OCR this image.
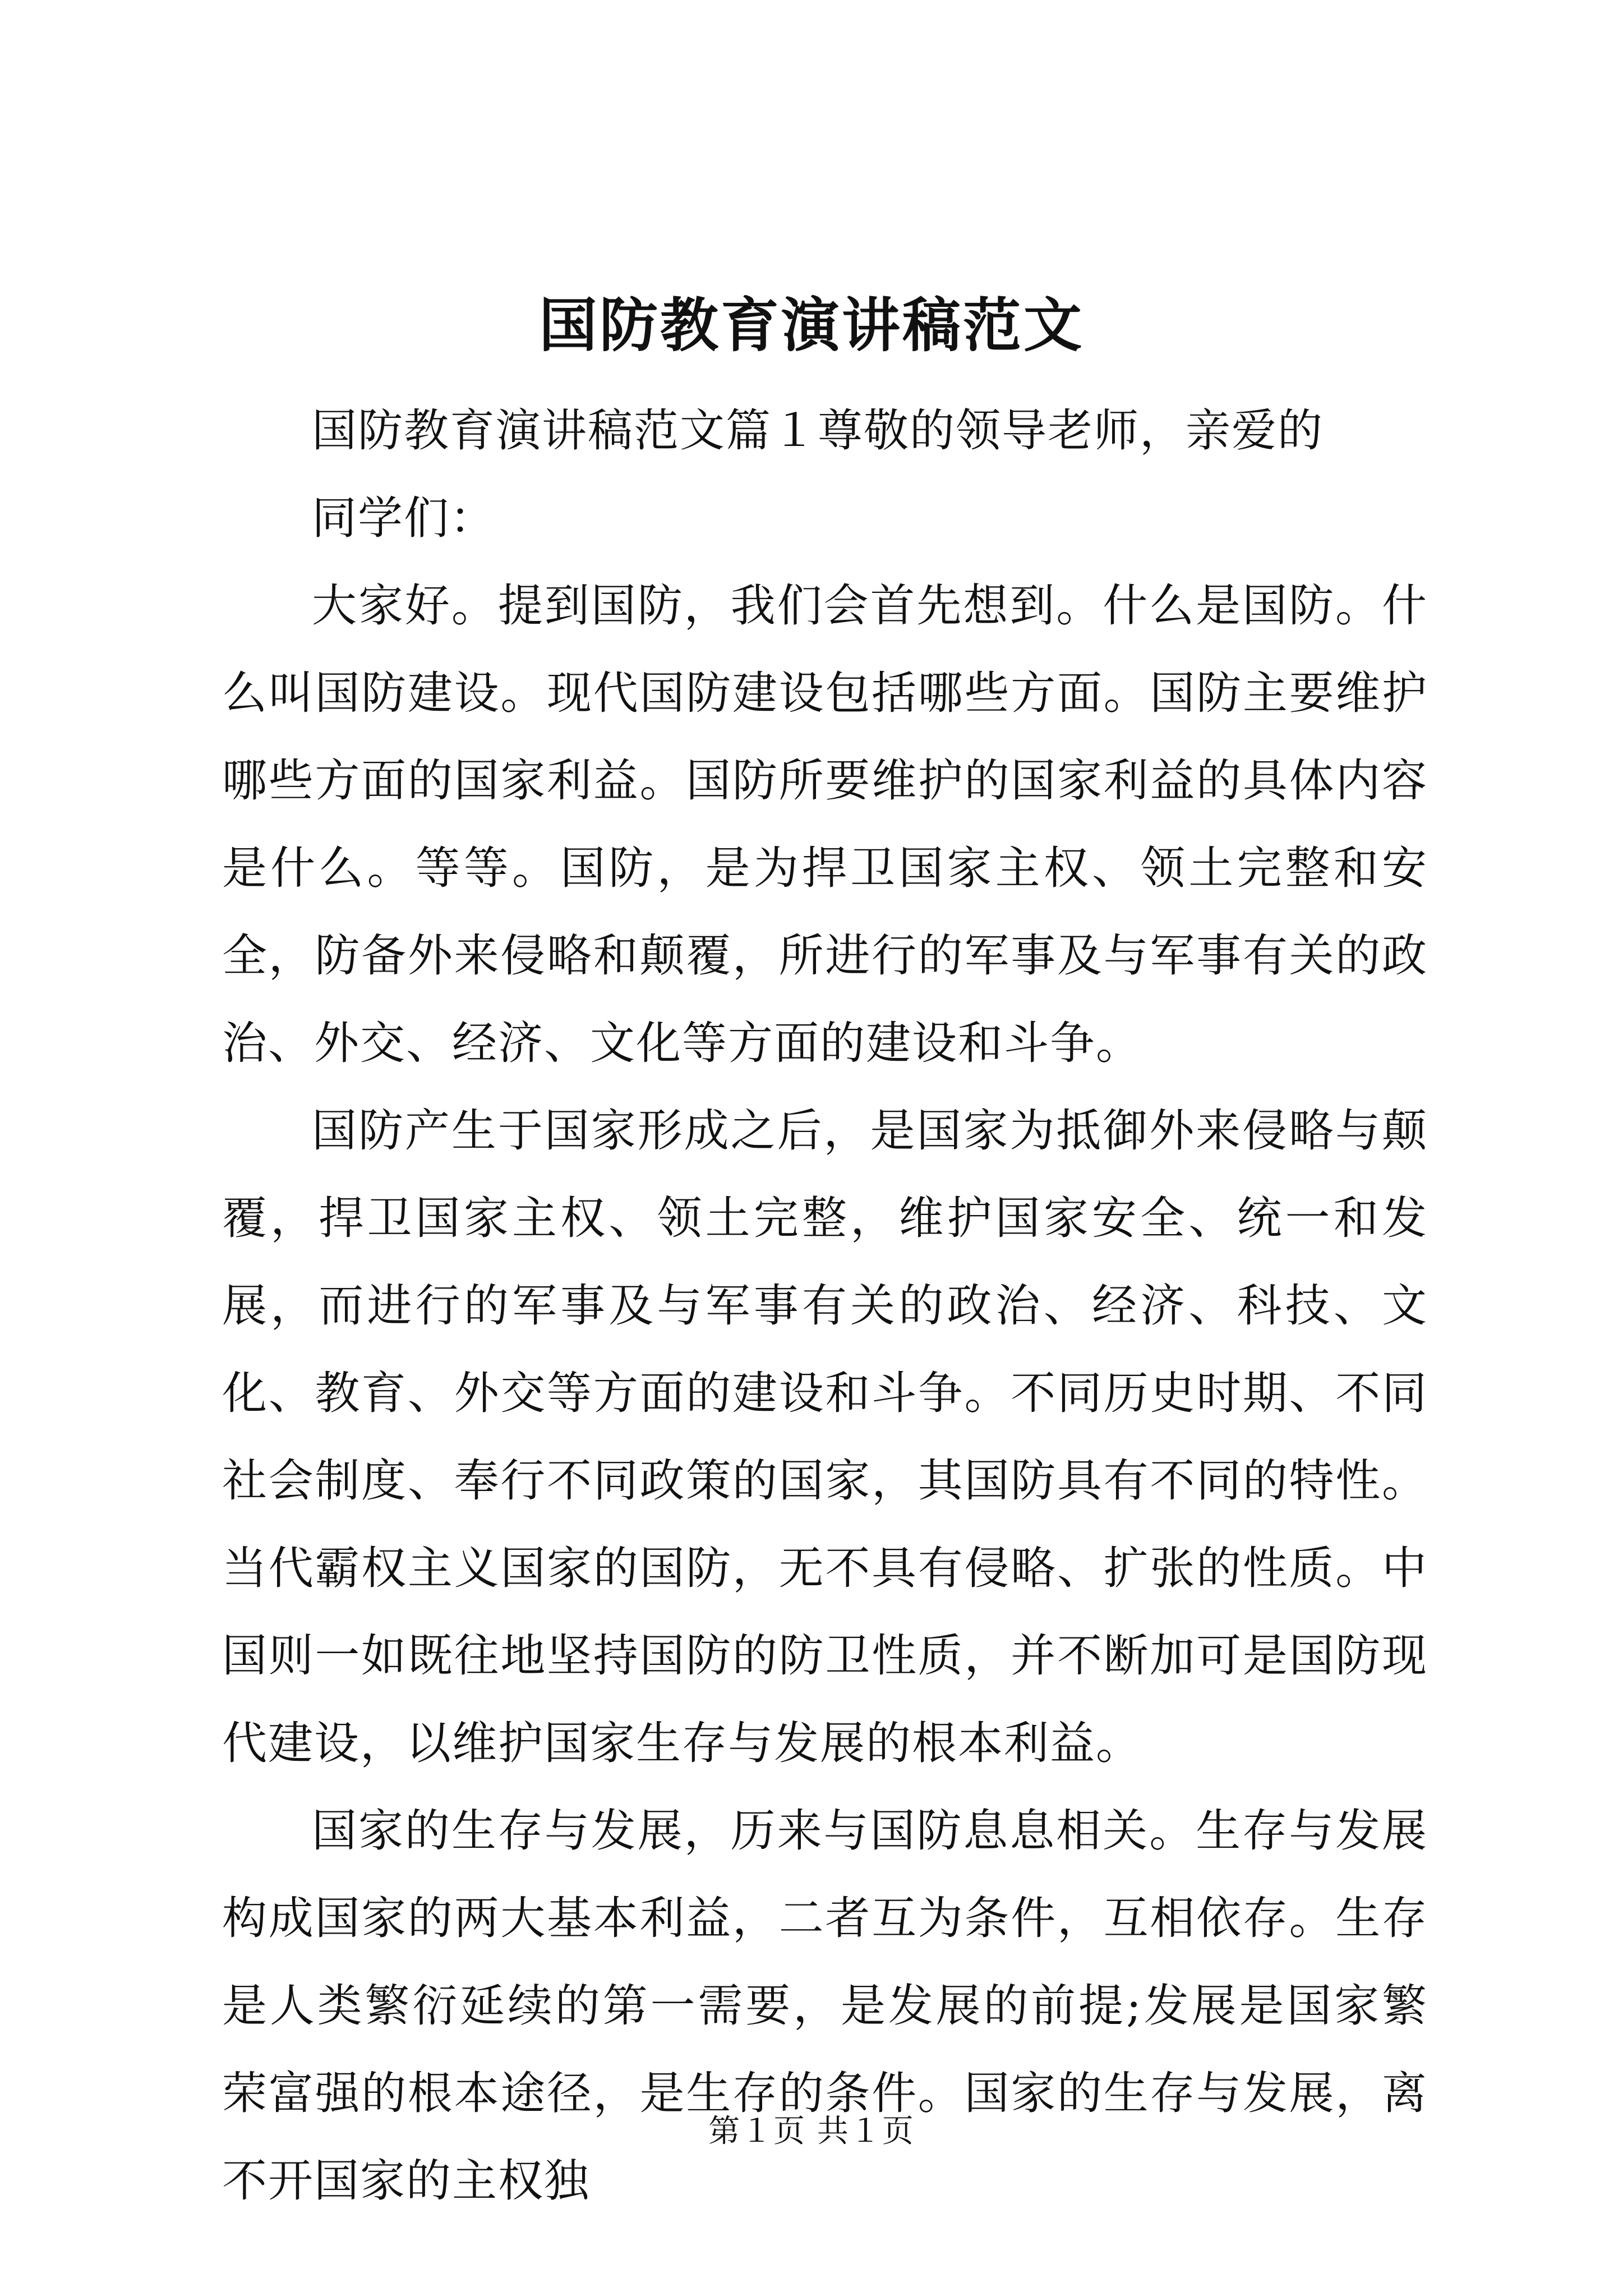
国防教育演讲稿范文

国防教育演讲稿范文篇１尊敬的领导老师，亲爱的

同学们：

大家好。提到国防，我们会首先想到。什么是国防。什么叫国防建设。现代国防建设包括哪些方面。国防主要维护哪些方面的国家利益。国防所要维护的国家利益的具体内容是什么。等等。国防，是为捍卫国家主权、领土完整和安全，防备外来侵略和颠覆，所进行的军事及与军事有关的政治、外交、经济、文化等方面的建设和斗争。

国防产生于国家形成之后，是国家为抵御外来侵略与颠覆，捍卫国家主权、领土完整，维护国家安全、统一和发展，而进行的军事及与军事有关的政治、经济、科技、文化、教育、外交等方面的建设和斗争。不同历史时期、不同社会制度、奉行不同政策的国家，其国防具有不同的特性。当代霸权主义国家的国防，无不具有侵略、扩张的性质。中国则一如既往地坚持国防的防卫性质，并不断加可是国防现代建设，以维护国家生存与发展的根本利益。

国家的生存与发展，历来与国防息息相关。生存与发展构成国家的两大基本利益，二者互为条件，互相依存。生存是人类繁衍延续的第一需要，是发展的前提;发展是国家繁荣富强的根本途径，是生存的条件。国家的生存与发展，离不开国家的主权独

第１页 共１页
